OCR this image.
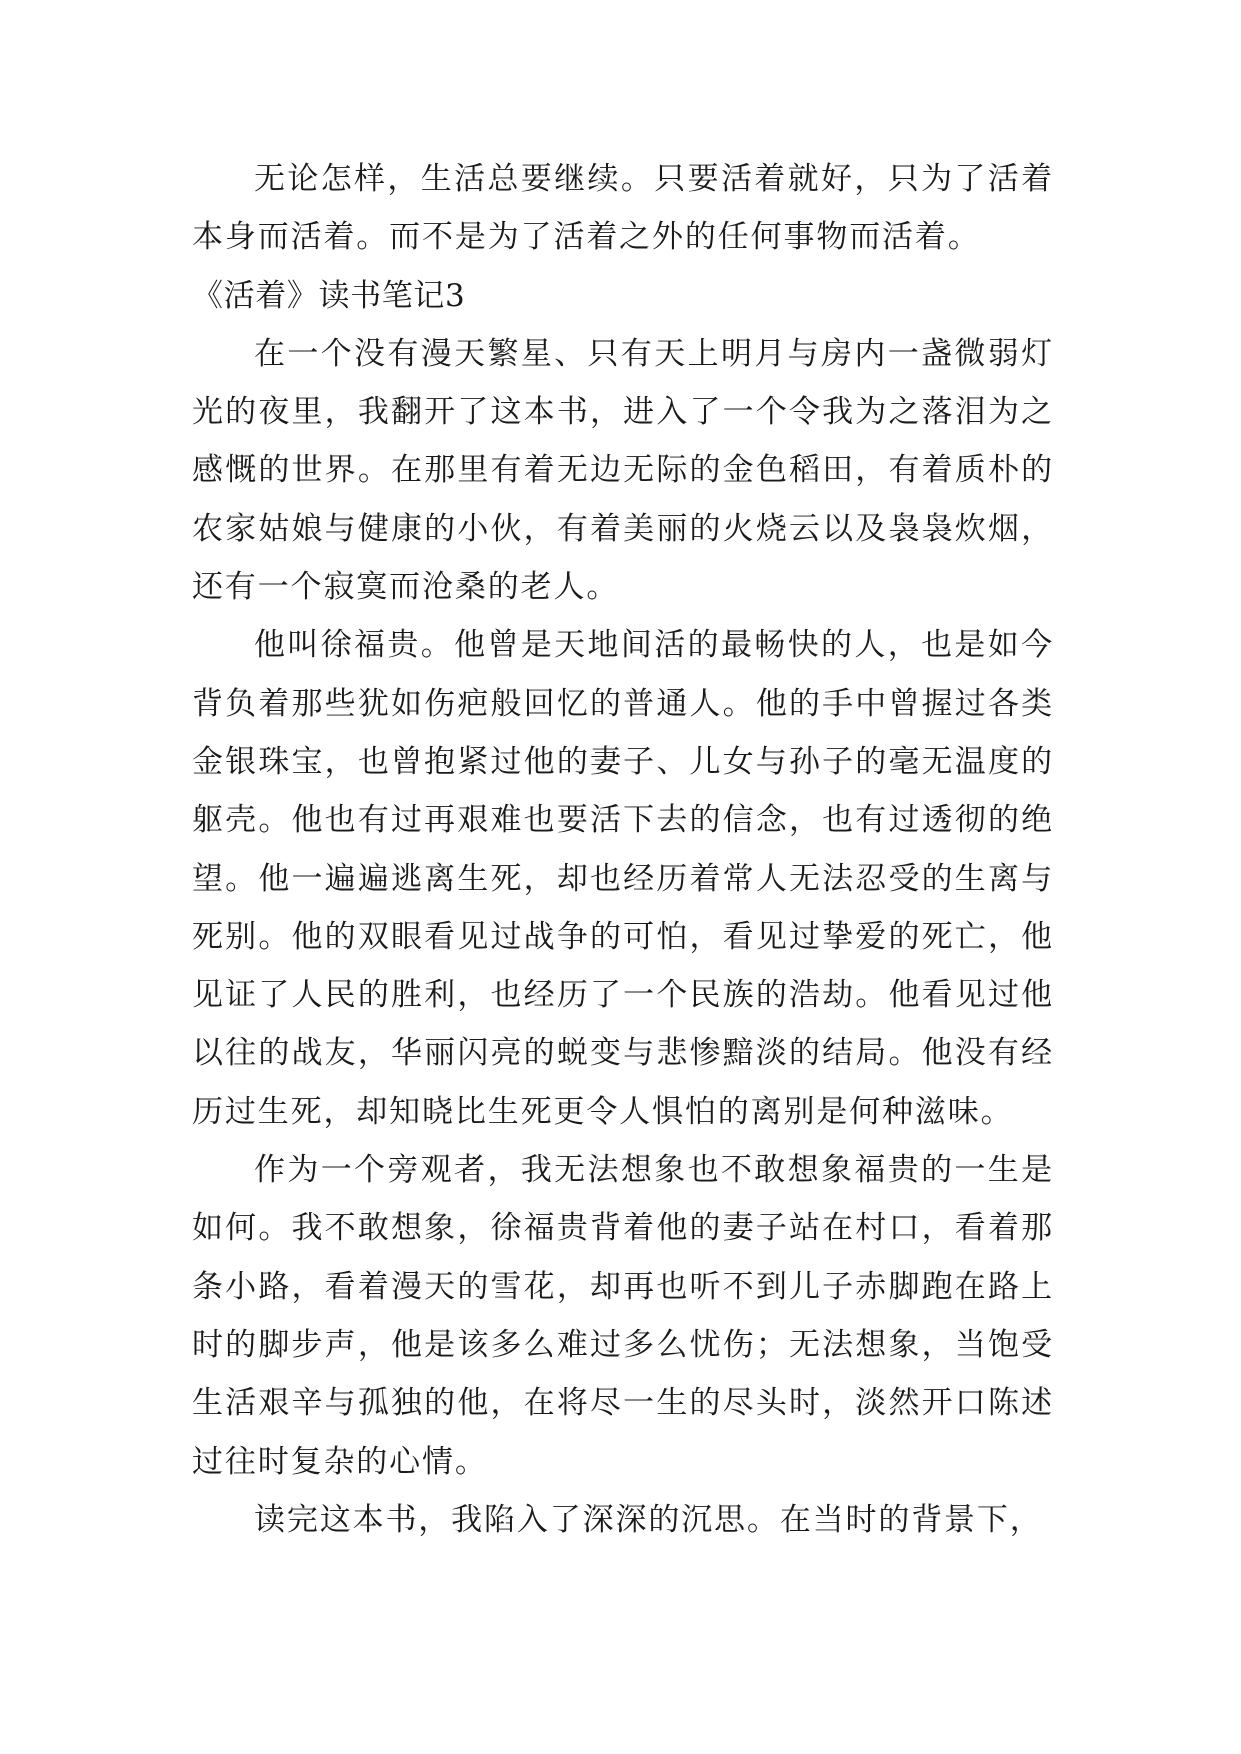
无论怎样，生活总要继续。只要活着就好，只为了活着本身而活着。而不是为了活着之外的任何事物而活着。

《活着》读书笔记3

在一个没有漫天繁星、只有天上明月与房内一盏微弱灯光的夜里，我翻开了这本书，进入了一个令我为之落泪为之感慨的世界。在那里有着无边无际的金色稻田，有着质朴的农家姑娘与健康的小伙，有着美丽的火烧云以及袅袅炊烟，还有一个寂寞而沧桑的老人。

他叫徐福贵。他曾是天地间活的最畅快的人，也是如今背负着那些犹如伤疤般回忆的普通人。他的手中曾握过各类金银珠宝，也曾抱紧过他的妻子、儿女与孙子的毫无温度的躯壳。他也有过再艰难也要活下去的信念，也有过透彻的绝望。他一遍遍逃离生死，却也经历着常人无法忍受的生离与死别。他的双眼看见过战争的可怕，看见过挚爱的死亡，他见证了人民的胜利，也经历了一个民族的浩劫。他看见过他以往的战友，华丽闪亮的蜕变与悲惨黯淡的结局。他没有经历过生死，却知晓比生死更令人惧怕的离别是何种滋味。

作为一个旁观者，我无法想象也不敢想象福贵的一生是如何。我不敢想象，徐福贵背着他的妻子站在村口，看着那条小路，看着漫天的雪花，却再也听不到儿子赤脚跑在路上时的脚步声，他是该多么难过多么忧伤；无法想象，当饱受生活艰辛与孤独的他，在将尽一生的尽头时，淡然开口陈述过往时复杂的心情。

读完这本书，我陷入了深深的沉思。在当时的背景下，
